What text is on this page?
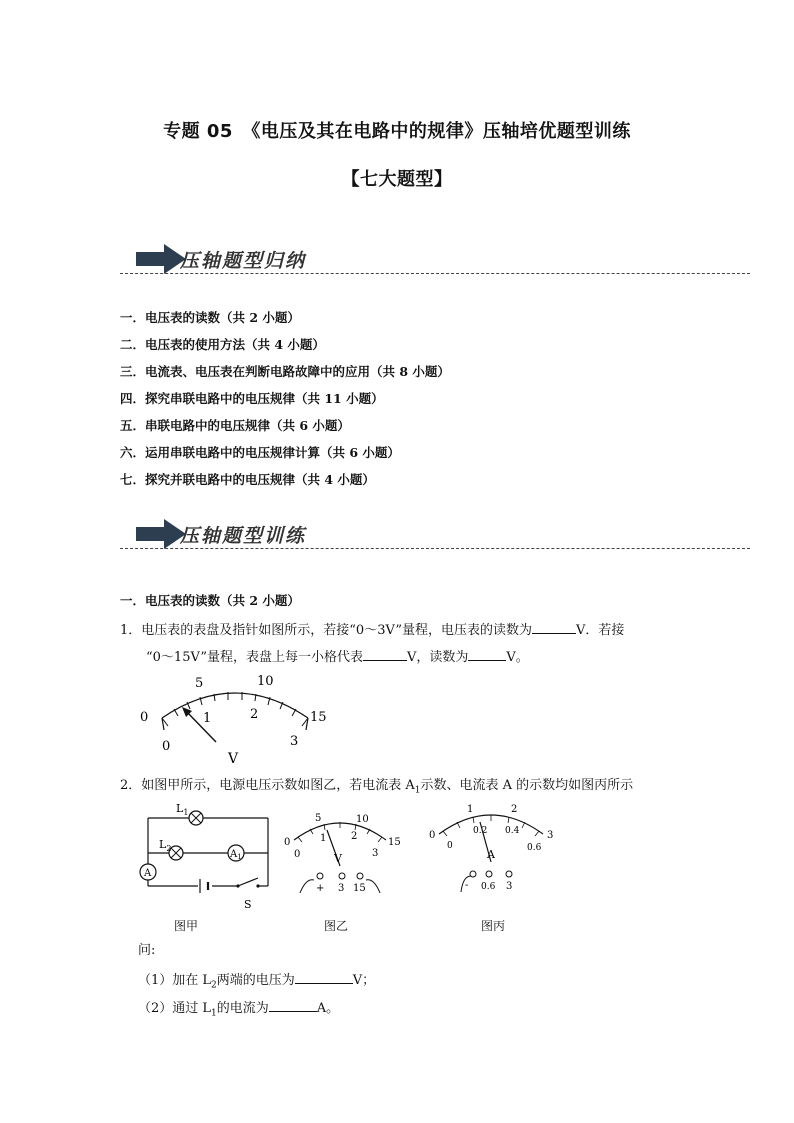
专题 05　《电压及其在电路中的规律》压轴培优题型训练
【七大题型】
压轴题型归纳
一．电压表的读数（共 2 小题）
二．电压表的使用方法（共 4 小题）
三．电流表、电压表在判断电路故障中的应用（共 8 小题）
四．探究串联电路中的电压规律（共 11 小题）
五．串联电路中的电压规律（共 6 小题）
六．运用串联电路中的电压规律计算（共 6 小题）
七．探究并联电路中的电压规律（共 4 小题）
压轴题型训练
一．电压表的读数（共 2 小题）
1．电压表的表盘及指针如图所示，若接“0～3V”量程，电压表的读数为	V．若接
“0～15V”量程，表盘上每一小格代表	V，读数为	V。
0
5	10
15
0
1	2
3
V
2．如图甲所示，电源电压示数如图乙，若电流表 $A_1$示数、电流表 A 的示数均如图丙所示
$L_1$
$L_2$
$A_1$
A
S
图甲
0
5	10
15
0
1 2
3
V
+ 3 15
图乙
0
1	2
3
0
0.2 0.4
0.6
A
- 0.6 3
图丙
问:
（1）加在 $L_2$两端的电压为	V；
（2）通过 $L_1$的电流为	A。
